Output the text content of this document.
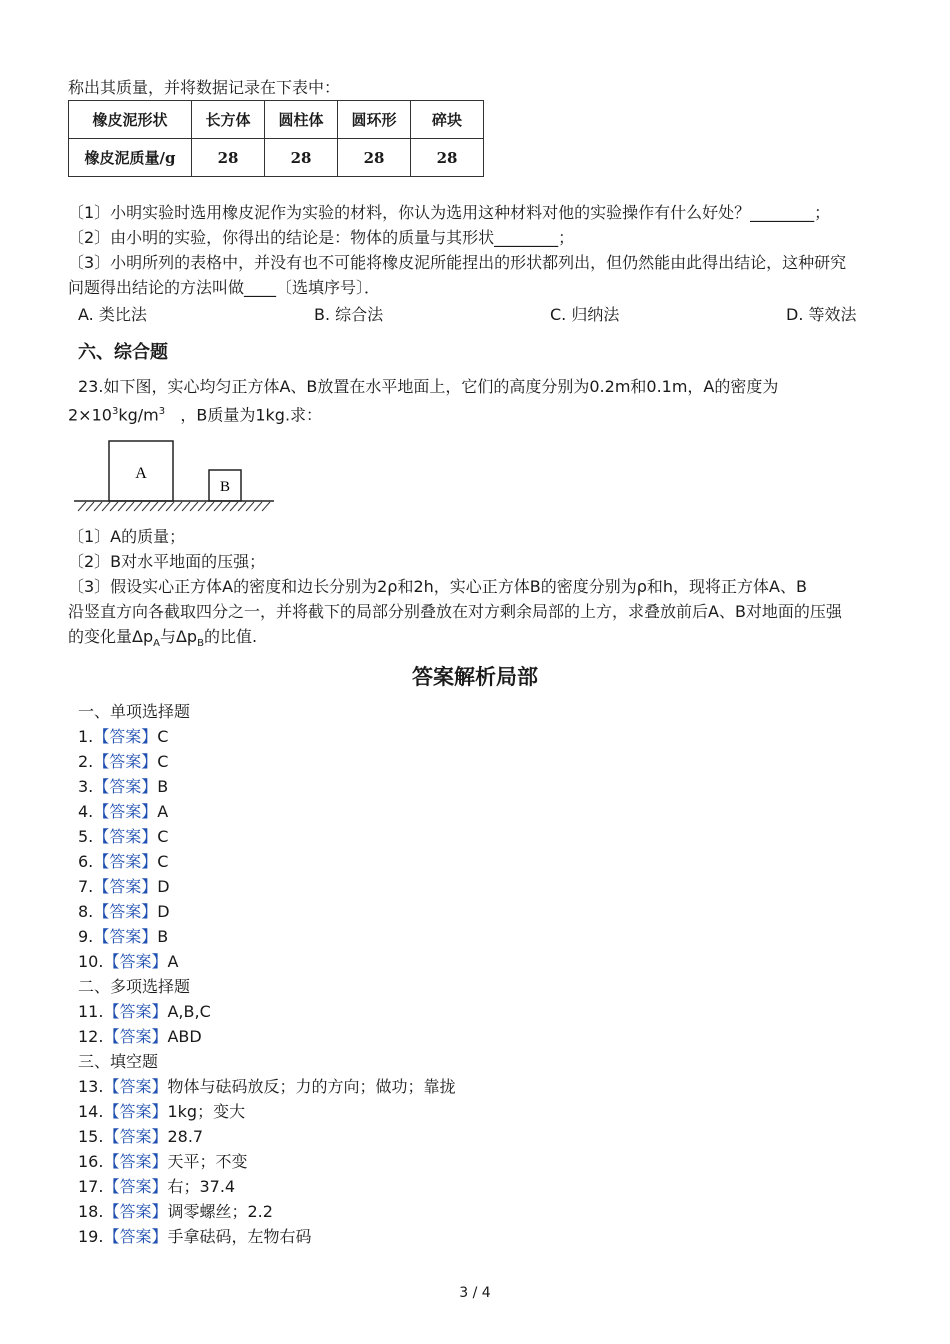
称出其质量，并将数据记录在下表中：
橡皮泥形状	长方体	圆柱体	圆环形	碎块
橡皮泥质量/g	28	28	28	28
〔1〕小明实验时选用橡皮泥作为实验的材料，你认为选用这种材料对他的实验操作有什么好处？________；
〔2〕由小明的实验，你得出的结论是：物体的质量与其形状________；
〔3〕小明所列的表格中，并没有也不可能将橡皮泥所能捏出的形状都列出，但仍然能由此得出结论，这种研究
问题得出结论的方法叫做____〔选填序号〕．
A. 类比法	B. 综合法	C. 归纳法	D. 等效法
六、综合题
23.如下图，实心均匀正方体A、B放置在水平地面上，它们的高度分别为0.2m和0.1m，A的密度为
$2\times 10^3kg/m^3$   ，B质量为1kg.求：
A
B
〔1〕A的质量；
〔2〕B对水平地面的压强；
〔3〕假设实心正方体A的密度和边长分别为2ρ和2h，实心正方体B的密度分别为ρ和h，现将正方体A、B
沿竖直方向各截取四分之一，并将截下的局部分别叠放在对方剩余局部的上方，求叠放前后A、B对地面的压强
的变化量$\Delta p_A$与$\Delta p_B$的比值.
答案解析局部
一、单项选择题
1.【答案】C
2.【答案】C
3.【答案】B
4.【答案】A
5.【答案】C
6.【答案】C
7.【答案】D
8.【答案】D
9.【答案】B
10.【答案】A
二、多项选择题
11.【答案】A,B,C
12.【答案】ABD
三、填空题
13.【答案】物体与砝码放反；力的方向；做功；靠拢
14.【答案】1kg；变大
15.【答案】28.7
16.【答案】天平；不变
17.【答案】右；37.4
18.【答案】调零螺丝；2.2
19.【答案】手拿砝码，左物右码
3 / 4
